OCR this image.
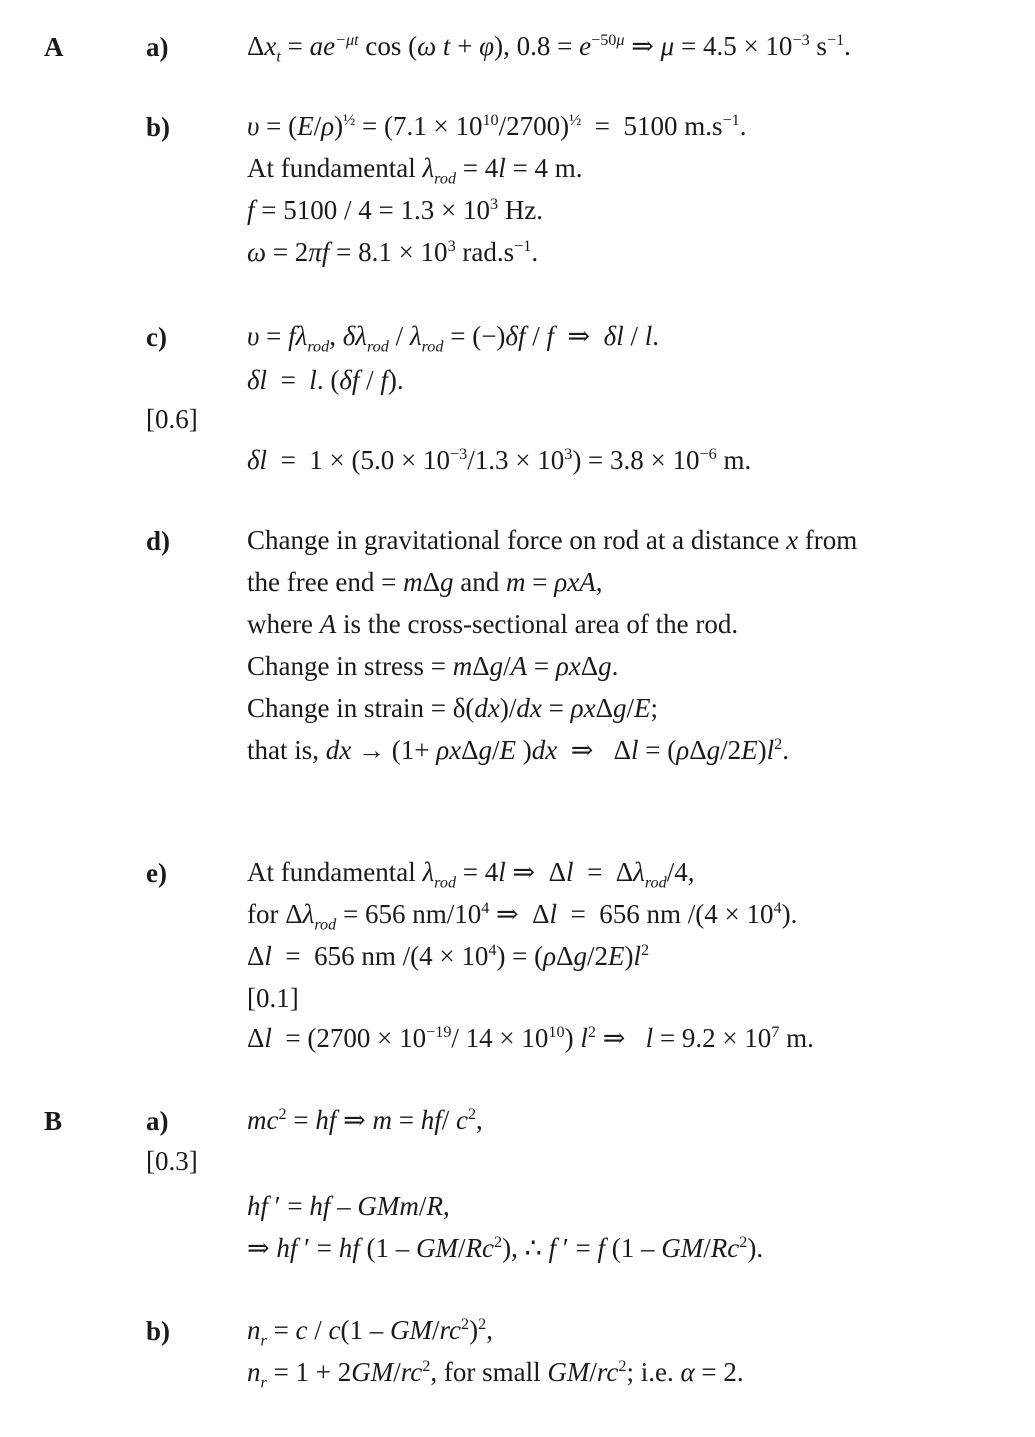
A	a)	$\Delta x_t = ae^{-\mu t}$ cos (ω t + φ), $0.8 = e^{-50\mu}$ ⇒ $\mu = 4.5 \times 10^{-3}$ $s^{-1}$.
b)	$\upsilon = (E/\rho)^{\frac{1}{2}} = (7.1 \times 10^{10}/2700)^{\frac{1}{2}} = 5100$ $m.s^{-1}$.
At fundamental $\lambda_{rod} = 4l = 4$ m.
$f = 5100 / 4 = 1.3 \times 10^3$ Hz.
$\omega = 2\pi f = 8.1 \times 10^3$ $rad.s^{-1}$.
c)	$\upsilon = f\lambda_{rod}$, $\delta\lambda_{rod} / \lambda_{rod} = (-)\delta f / f$  ⇒  δl / l.
δl  =  l. (δf / f).
[0.6]
$\delta l = 1 \times (5.0 \times 10^{-3}/1.3 \times 10^3) = 3.8 \times 10^{-6}$ m.
d)	Change in gravitational force on rod at a distance x from
the free end = mΔg and m = ρxA,
where A is the cross-sectional area of the rod.
Change in stress = mΔg/A = ρxΔg.
Change in strain = δ(dx)/dx = ρxΔg/E;
that is, dx → (1+ ρxΔg/E )dx  ⇒   $\Delta l = (\rho\Delta g/2E)l^2$.
e)	At fundamental $\lambda_{rod} = 4l$ ⇒  $\Delta l = \Delta\lambda_{rod}/4$,
for $\Delta\lambda_{rod} = 656$ $nm/10^4$ ⇒  Δl  =  656 nm $/(4 \times 10^4)$.
Δl  =  656 nm $/(4 \times 10^4) = (\rho\Delta g/2E)l^2$
[0.1]
$\Delta l = (2700 \times 10^{-19}/$ $14 \times 10^{10}$) $l^2$ ⇒   $l = 9.2 \times 10^7$ m.
B	a)	$mc^2$ = hf ⇒ m = hf/ $c^2$,
[0.3]
hf ′ = hf – GMm/R,
⇒ hf ′ = hf (1 – GM/Rc$^2$), ∴ f ′ = f (1 – GM/Rc$^2$).
b)	$n_r = c / c(1 - GM/rc^2)^2$,
$n_r = 1 + 2GM/rc^2$, for small $GM/rc^2$; i.e. α = 2.
